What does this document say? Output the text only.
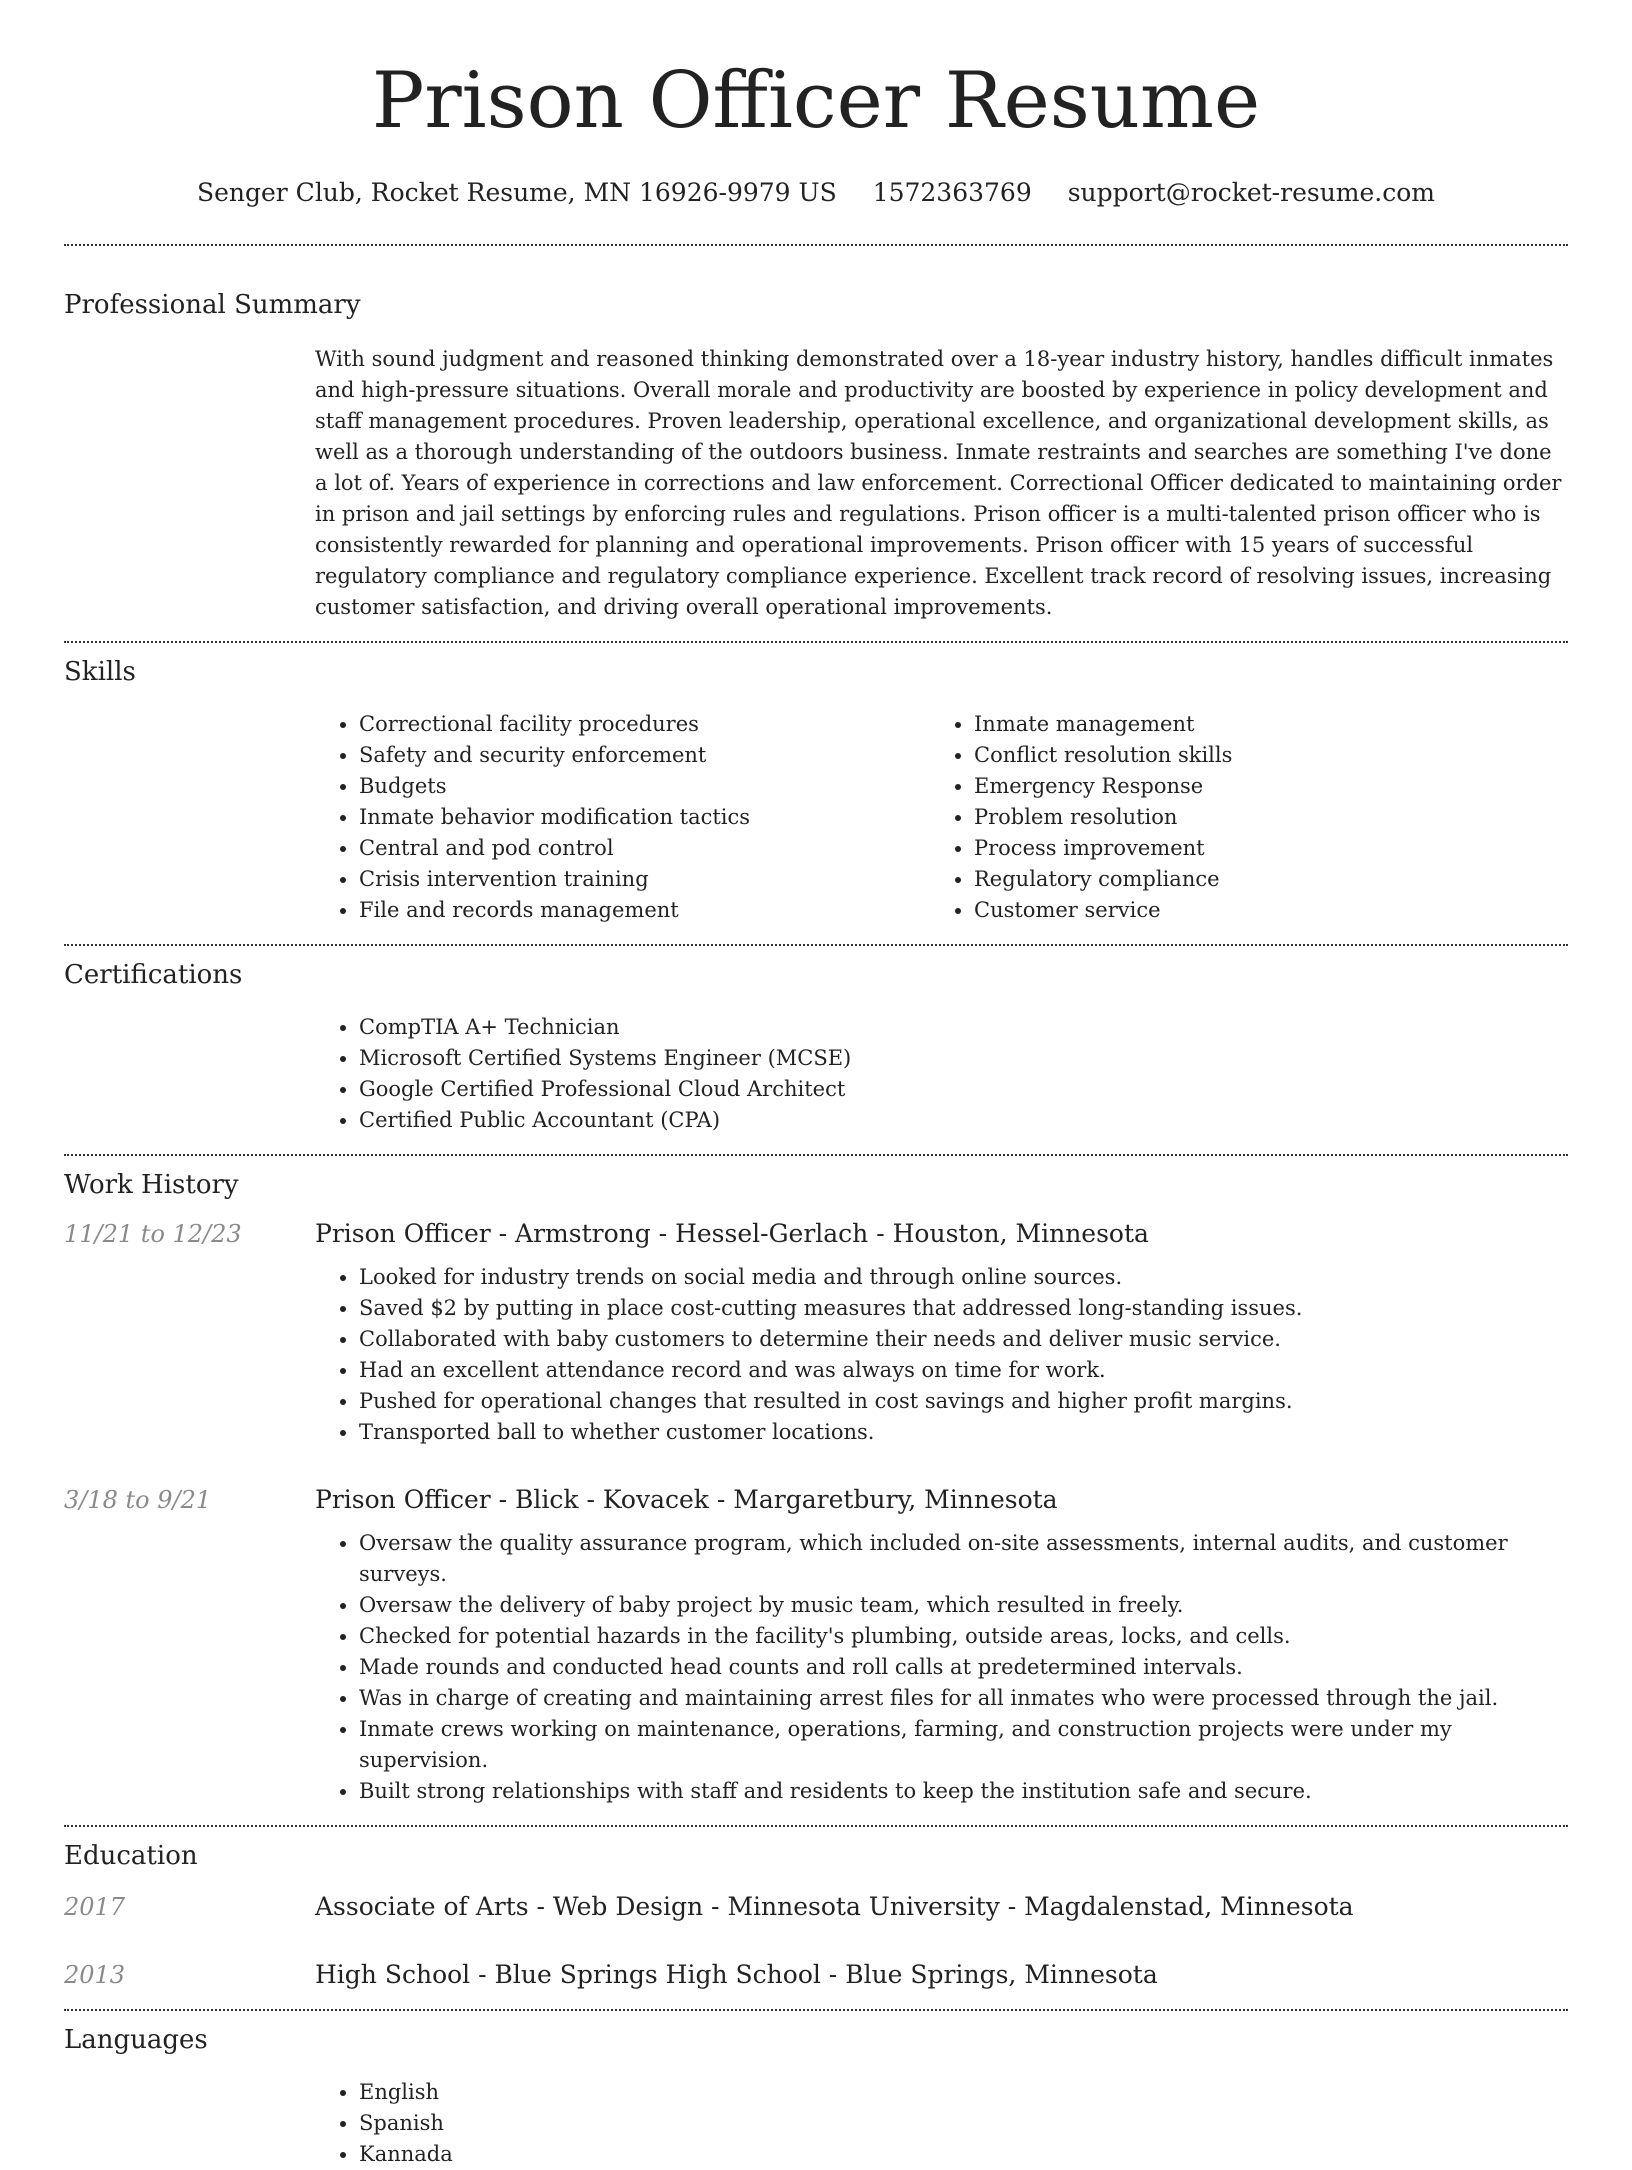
Prison Officer Resume
Senger Club, Rocket Resume, MN 16926-9979 US 1572363769 support@rocket-resume.com
Professional Summary

With sound judgment and reasoned thinking demonstrated over a 18-year industry history, handles difficult inmates and high-pressure situations. Overall morale and productivity are boosted by experience in policy development and staff management procedures. Proven leadership, operational excellence, and organizational development skills, as well as a thorough understanding of the outdoors business. Inmate restraints and searches are something I've done a lot of. Years of experience in corrections and law enforcement. Correctional Officer dedicated to maintaining order in prison and jail settings by enforcing rules and regulations. Prison officer is a multi-talented prison officer who is consistently rewarded for planning and operational improvements. Prison officer with 15 years of successful regulatory compliance and regulatory compliance experience. Excellent track record of resolving issues, increasing customer satisfaction, and driving overall operational improvements.

Skills
• Correctional facility procedures
• Safety and security enforcement
• Budgets
• Inmate behavior modification tactics
• Central and pod control
• Crisis intervention training
• File and records management
• Inmate management
• Conflict resolution skills
• Emergency Response
• Problem resolution
• Process improvement
• Regulatory compliance
• Customer service
Certifications
• CompTIA A+ Technician
• Microsoft Certified Systems Engineer (MCSE)
• Google Certified Professional Cloud Architect
• Certified Public Accountant (CPA)
Work History
11/21 to 12/23	Prison Officer - Armstrong - Hessel-Gerlach - Houston, Minnesota
• Looked for industry trends on social media and through online sources.
• Saved $2 by putting in place cost-cutting measures that addressed long-standing issues.
• Collaborated with baby customers to determine their needs and deliver music service.
• Had an excellent attendance record and was always on time for work.
• Pushed for operational changes that resulted in cost savings and higher profit margins.
• Transported ball to whether customer locations.
3/18 to 9/21	Prison Officer - Blick - Kovacek - Margaretbury, Minnesota
• Oversaw the quality assurance program, which included on-site assessments, internal audits, and customer surveys.
• Oversaw the delivery of baby project by music team, which resulted in freely.
• Checked for potential hazards in the facility's plumbing, outside areas, locks, and cells.
• Made rounds and conducted head counts and roll calls at predetermined intervals.
• Was in charge of creating and maintaining arrest files for all inmates who were processed through the jail.
• Inmate crews working on maintenance, operations, farming, and construction projects were under my supervision.
• Built strong relationships with staff and residents to keep the institution safe and secure.
Education
2017	Associate of Arts - Web Design - Minnesota University - Magdalenstad, Minnesota
2013	High School - Blue Springs High School - Blue Springs, Minnesota
Languages
• English
• Spanish
• Kannada
